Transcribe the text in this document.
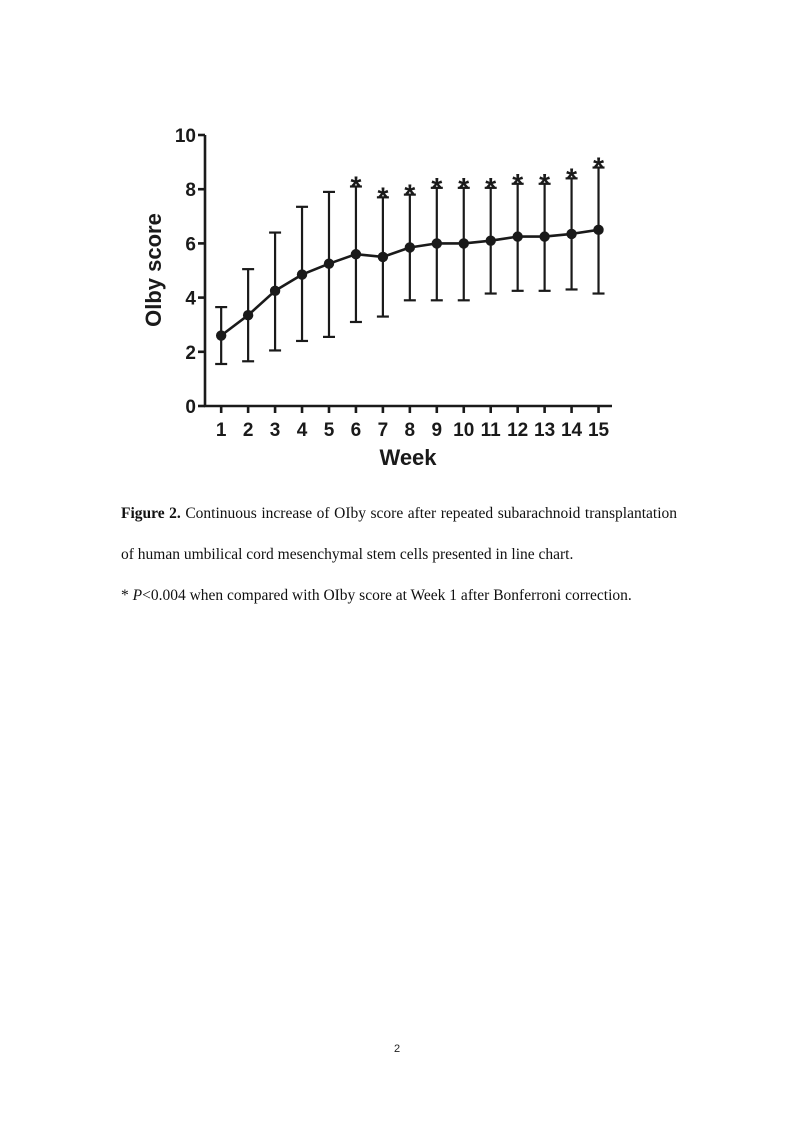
* * * * * * * * * *
0
2
4
6
8
10
1 2 3 4 5 6 7 8 9 10 11 12 13 14 15
Week
Olby score

Figure 2. Continuous increase of OIby score after repeated subarachnoid transplantation of human umbilical cord mesenchymal stem cells presented in line chart.
* P<0.004 when compared with OIby score at Week 1 after Bonferroni correction.

2
